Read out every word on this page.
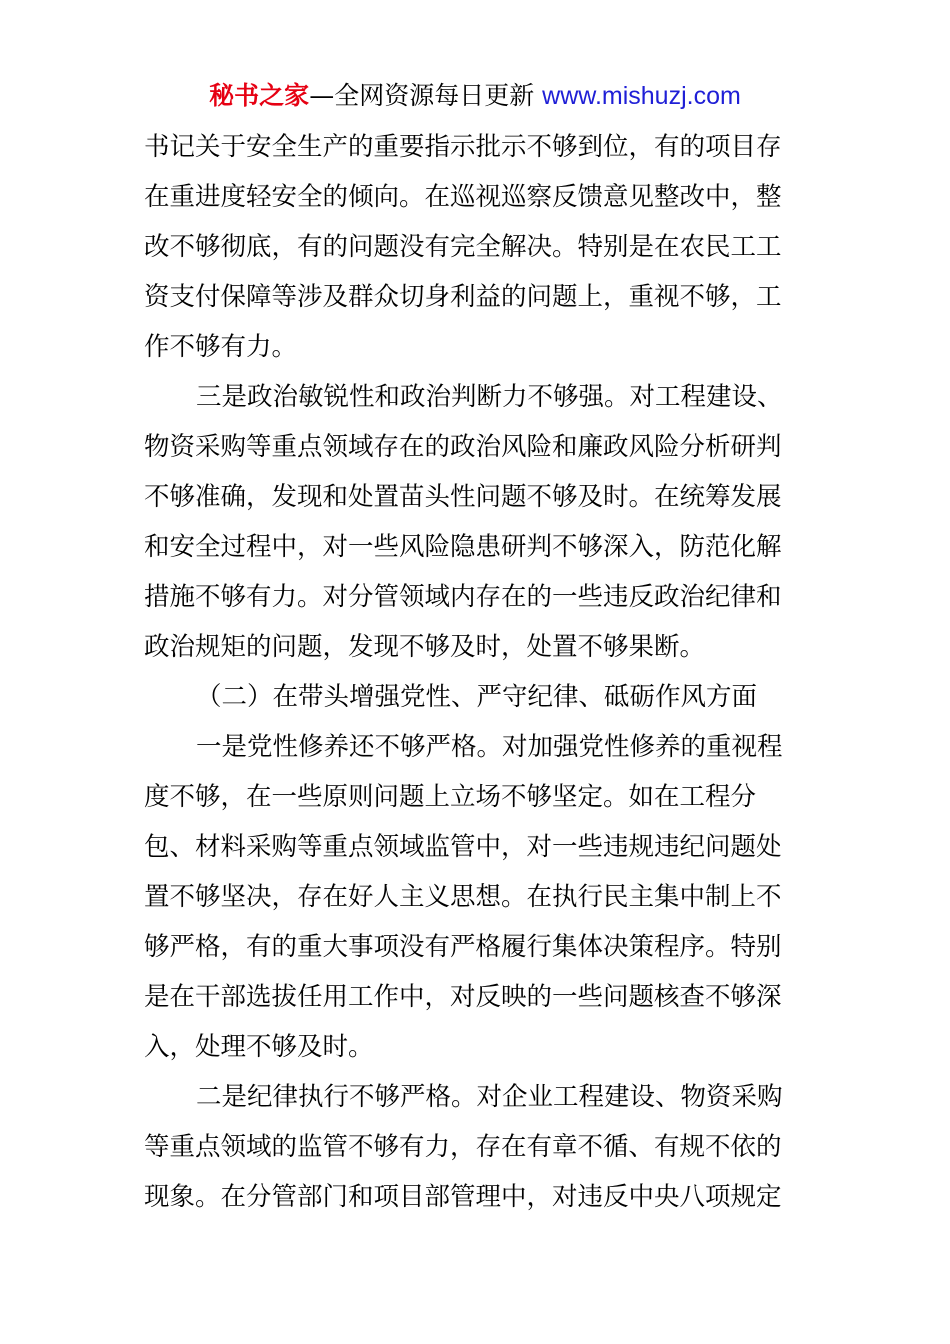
秘书之家—全网资源每日更新 www.mishuzj.com
书记关于安全生产的重要指示批示不够到位，有的项目存
在重进度轻安全的倾向。在巡视巡察反馈意见整改中，整
改不够彻底，有的问题没有完全解决。特别是在农民工工
资支付保障等涉及群众切身利益的问题上，重视不够，工
作不够有力。
三是政治敏锐性和政治判断力不够强。对工程建设、
物资采购等重点领域存在的政治风险和廉政风险分析研判
不够准确，发现和处置苗头性问题不够及时。在统筹发展
和安全过程中，对一些风险隐患研判不够深入，防范化解
措施不够有力。对分管领域内存在的一些违反政治纪律和
政治规矩的问题，发现不够及时，处置不够果断。
（二）在带头增强党性、严守纪律、砥砺作风方面
一是党性修养还不够严格。对加强党性修养的重视程
度不够，在一些原则问题上立场不够坚定。如在工程分
包、材料采购等重点领域监管中，对一些违规违纪问题处
置不够坚决，存在好人主义思想。在执行民主集中制上不
够严格，有的重大事项没有严格履行集体决策程序。特别
是在干部选拔任用工作中，对反映的一些问题核查不够深
入，处理不够及时。
二是纪律执行不够严格。对企业工程建设、物资采购
等重点领域的监管不够有力，存在有章不循、有规不依的
现象。在分管部门和项目部管理中，对违反中央八项规定
